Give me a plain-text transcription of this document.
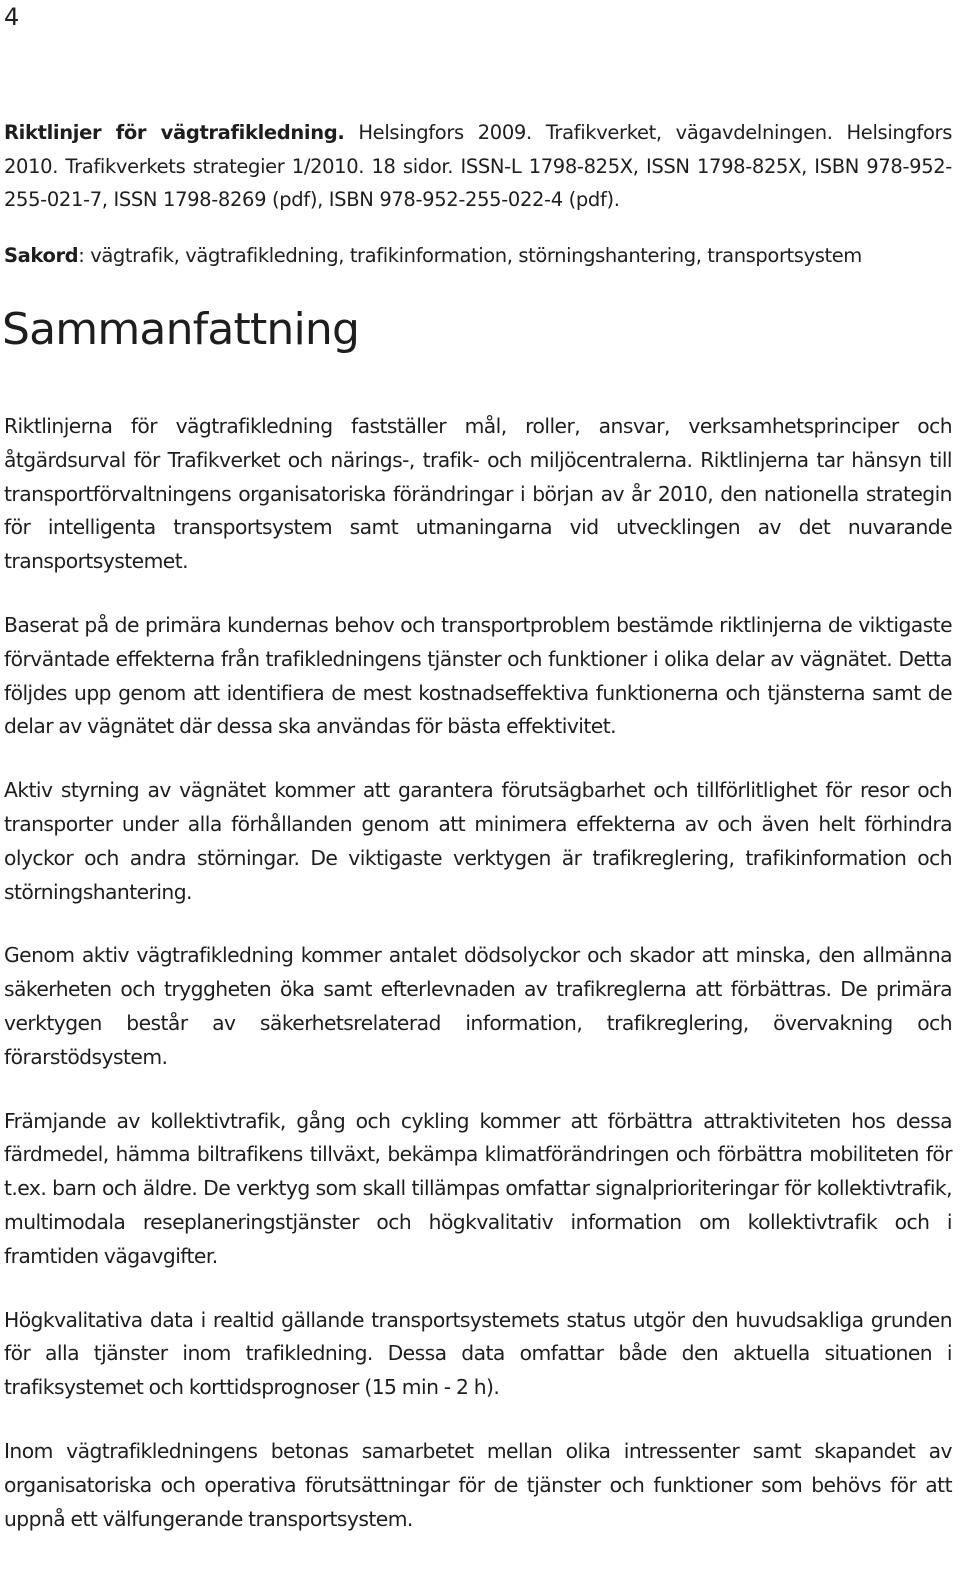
4
Riktlinjer för vägtrafikledning. Helsingfors 2009. Trafikverket, vägavdelningen. Helsingfors 2010. Trafikverkets strategier 1/2010. 18 sidor. ISSN-L 1798-825X, ISSN 1798-825X, ISBN 978-952-255-021-7, ISSN 1798-8269 (pdf), ISBN 978-952-255-022-4 (pdf).
Sakord: vägtrafik, vägtrafikledning, trafikinformation, störningshantering, transportsystem
Sammanfattning

Riktlinjerna för vägtrafikledning fastställer mål, roller, ansvar, verksamhetsprinciper och åtgärdsurval för Trafikverket och närings-, trafik- och miljöcentralerna. Riktlinjerna tar hänsyn till transportförvaltningens organisatoriska förändringar i början av år 2010, den nationella strategin för intelligenta transportsystem samt utmaningarna vid utvecklingen av det nuvarande transportsystemet.

Baserat på de primära kundernas behov och transportproblem bestämde riktlinjerna de viktigaste förväntade effekterna från trafikledningens tjänster och funktioner i olika delar av vägnätet. Detta följdes upp genom att identifiera de mest kostnadseffektiva funktionerna och tjänsterna samt de delar av vägnätet där dessa ska användas för bästa effektivitet.

Aktiv styrning av vägnätet kommer att garantera förutsägbarhet och tillförlitlighet för resor och transporter under alla förhållanden genom att minimera effekterna av och även helt förhindra olyckor och andra störningar. De viktigaste verktygen är trafikreglering, trafikinformation och störningshantering.

Genom aktiv vägtrafikledning kommer antalet dödsolyckor och skador att minska, den allmänna säkerheten och tryggheten öka samt efterlevnaden av trafikreglerna att förbättras. De primära verktygen består av säkerhetsrelaterad information, trafikreglering, övervakning och förarstödsystem.

Främjande av kollektivtrafik, gång och cykling kommer att förbättra attraktiviteten hos dessa färdmedel, hämma biltrafikens tillväxt, bekämpa klimatförändringen och förbättra mobiliteten för t.ex. barn och äldre. De verktyg som skall tillämpas omfattar signalprioriteringar för kollektivtrafik, multimodala reseplaneringstjänster och högkvalitativ information om kollektivtrafik och i framtiden vägavgifter.

Högkvalitativa data i realtid gällande transportsystemets status utgör den huvudsakliga grunden för alla tjänster inom trafikledning. Dessa data omfattar både den aktuella situationen i trafiksystemet och korttidsprognoser (15 min - 2 h).

Inom vägtrafikledningens betonas samarbetet mellan olika intressenter samt skapandet av organisatoriska och operativa förutsättningar för de tjänster och funktioner som behövs för att uppnå ett välfungerande transportsystem.
